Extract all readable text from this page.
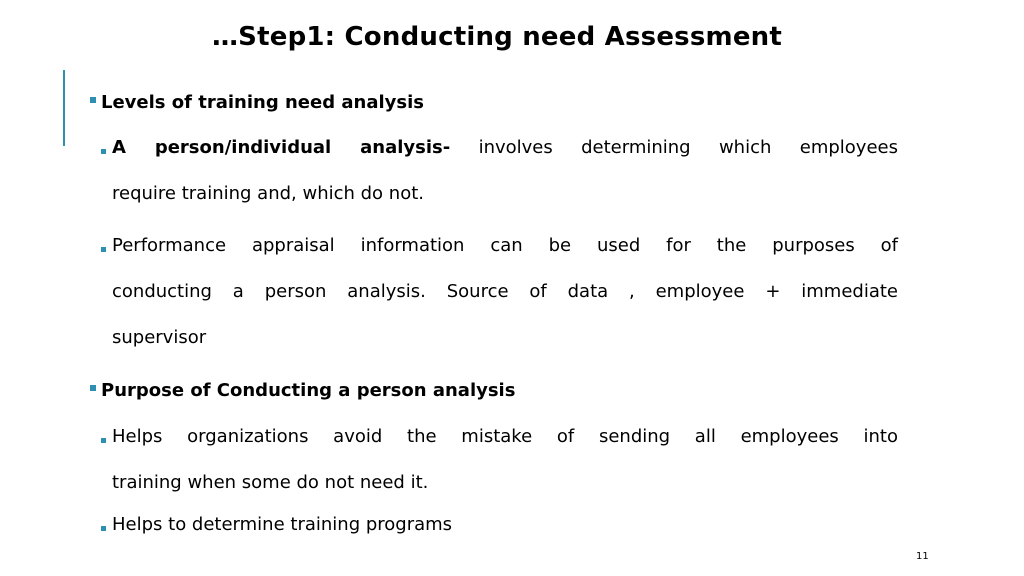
…Step1: Conducting need Assessment
Levels of training need analysis
A person/individual analysis- involves determining which employees
require training and, which do not.
Performance appraisal information can be used for the purposes of
conducting a person analysis. Source of data , employee + immediate
supervisor
Purpose of Conducting a person analysis
Helps organizations avoid the mistake of sending all employees into
training when some do not need it.
Helps to determine training programs
11
